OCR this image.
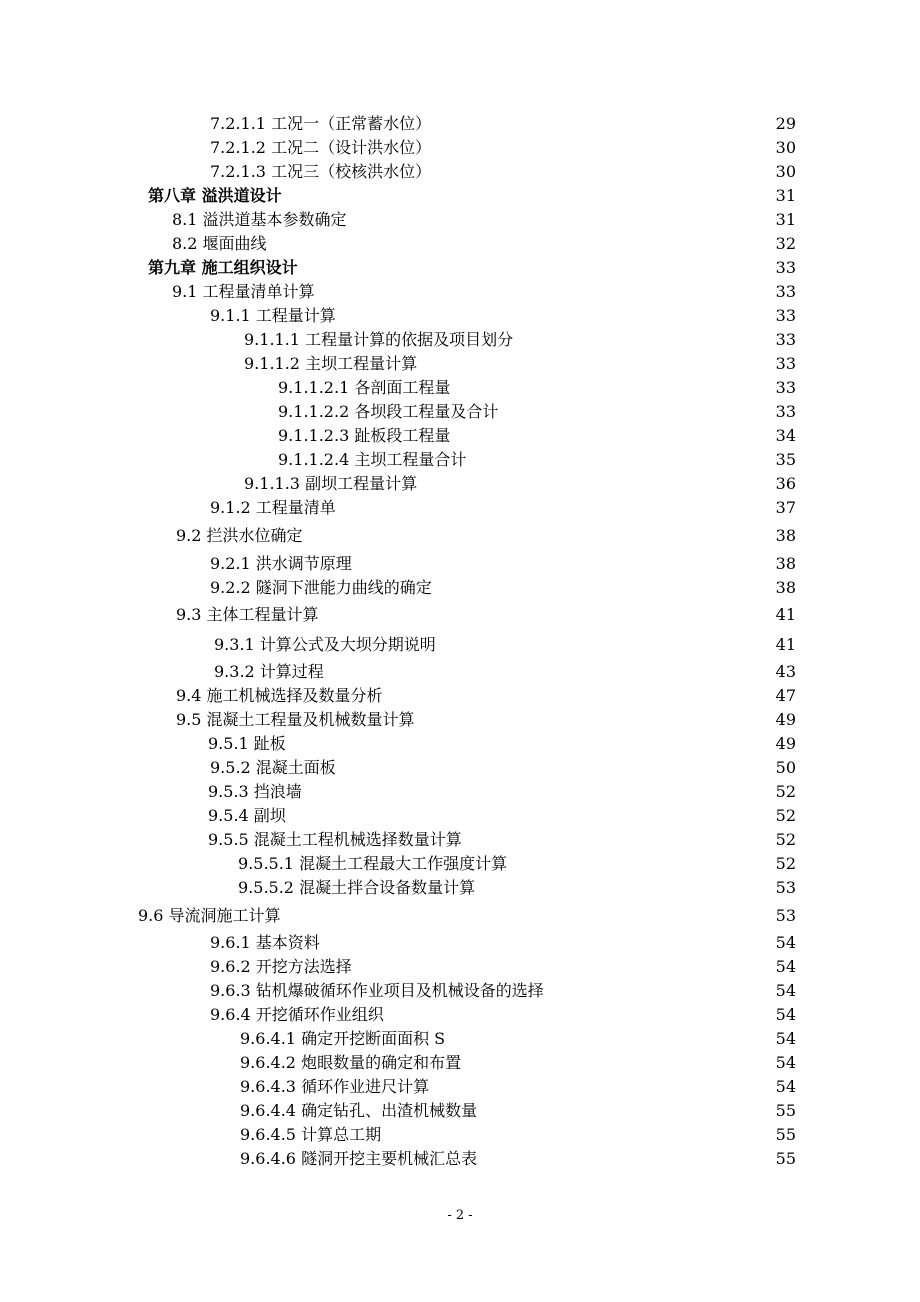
7.2.1.1 工况一（正常蓄水位）	29
7.2.1.2 工况二（设计洪水位）	30
7.2.1.3 工况三（校核洪水位）	30
第八章 溢洪道设计	31
8.1 溢洪道基本参数确定	31
8.2 堰面曲线	32
第九章 施工组织设计	33
9.1 工程量清单计算	33
9.1.1 工程量计算	33
9.1.1.1 工程量计算的依据及项目划分	33
9.1.1.2 主坝工程量计算	33
9.1.1.2.1 各剖面工程量	33
9.1.1.2.2 各坝段工程量及合计	33
9.1.1.2.3 趾板段工程量	34
9.1.1.2.4 主坝工程量合计	35
9.1.1.3 副坝工程量计算	36
9.1.2 工程量清单	37
9.2 拦洪水位确定	38
9.2.1 洪水调节原理	38
9.2.2 隧洞下泄能力曲线的确定	38
9.3 主体工程量计算	41
9.3.1 计算公式及大坝分期说明	41
9.3.2 计算过程	43
9.4 施工机械选择及数量分析	47
9.5 混凝土工程量及机械数量计算	49
9.5.1 趾板	49
9.5.2 混凝土面板	50
9.5.3 挡浪墙	52
9.5.4 副坝	52
9.5.5 混凝土工程机械选择数量计算	52
9.5.5.1 混凝土工程最大工作强度计算	52
9.5.5.2 混凝土拌合设备数量计算	53
9.6 导流洞施工计算	53
9.6.1 基本资料	54
9.6.2 开挖方法选择	54
9.6.3 钻机爆破循环作业项目及机械设备的选择	54
9.6.4 开挖循环作业组织	54
9.6.4.1 确定开挖断面面积 S	54
9.6.4.2 炮眼数量的确定和布置	54
9.6.4.3 循环作业进尺计算	54
9.6.4.4 确定钻孔、出渣机械数量	55
9.6.4.5 计算总工期	55
9.6.4.6 隧洞开挖主要机械汇总表	55
- 2 -
